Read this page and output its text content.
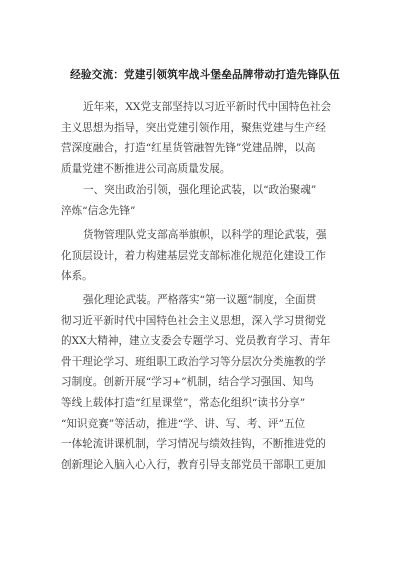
经验交流：党建引领筑牢战斗堡垒品牌带动打造先锋队伍
近年来，XX党支部坚持以习近平新时代中国特色社会
主义思想为指导，突出党建引领作用，聚焦党建与生产经
营深度融合，打造“红星货管融智先锋”党建品牌，以高
质量党建不断推进公司高质量发展。
一、突出政治引领，强化理论武装，以“政治聚魂”
淬炼“信念先锋”
货物管理队党支部高举旗帜，以科学的理论武装，强
化顶层设计，着力构建基层党支部标准化规范化建设工作
体系。
强化理论武装。严格落实“第一议题”制度，全面贯
彻习近平新时代中国特色社会主义思想，深入学习贯彻党
的XX大精神，建立支委会专题学习、党员教育学习、青年
骨干理论学习、班组职工政治学习等分层次分类施教的学
习制度。创新开展“学习+”机制，结合学习强国、知鸟
等线上载体打造“红星课堂”，常态化组织“读书分享”
“知识竞赛”等活动，推进“学、讲、写、考、评”五位
一体轮流讲课机制，学习情况与绩效挂钩，不断推进党的
创新理论入脑入心入行，教育引导支部党员干部职工更加
